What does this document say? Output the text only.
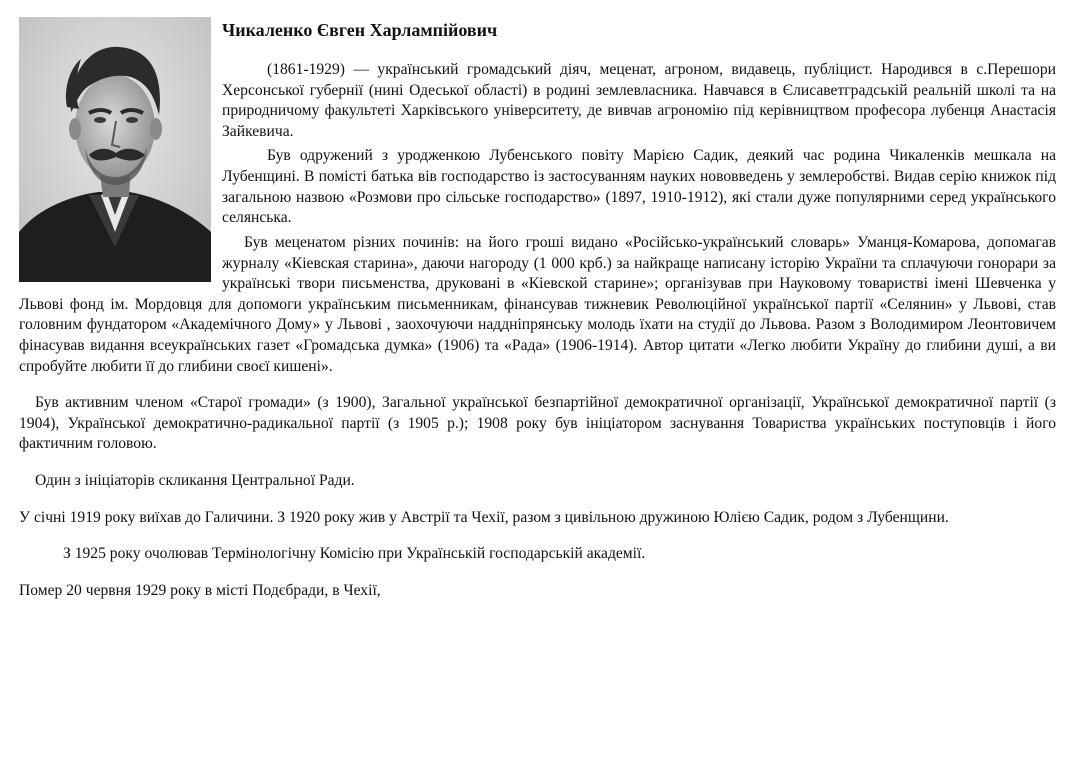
Чикаленко Євген Харлампійович

(1861-1929) — український громадський діяч, меценат, агроном, видавець, публіцист. Народився в с.Перешори Херсонської губернії (нині Одеської області) в родині землевласника. Навчався в Єлисаветградській реальній школі та на природничому факультеті Харківського університету, де вивчав агрономію під керівництвом професора лубенця Анастасія Зайкевича.

Був одружений з уродженкою Лубенського повіту Марією Садик, деякий час родина Чикаленків мешкала на Лубенщині. В помісті батька вів господарство із застосуванням науких нововведень у землеробстві. Видав серію книжок під загальною назвою «Розмови про сільське господарство» (1897, 1910-1912), які стали дуже популярними серед українського селянська.

Був меценатом різних починів: на його гроші видано «Російсько-український словарь» Уманця-Комарова, допомагав журналу «Кіевская старина», даючи нагороду (1 000 крб.) за найкраще написану історію України та сплачуючи гонорари за українські твори письменства, друковані в «Кіевской старине»; організував при Науковому товаристві імені Шевченка у Львові фонд ім. Мордовця для допомоги українським письменникам, фінансував тижневик Революційної української партії «Селянин» у Львові, став головним фундатором «Академічного Дому» у Львові , заохочуючи наддніпрянську молодь їхати на студії до Львова. Разом з Володимиром Леонтовичем фінасував видання всеукраїнських газет «Громадська думка» (1906) та «Рада» (1906-1914). Автор цитати «Легко любити Україну до глибини душі, а ви спробуйте любити її до глибини своєї кишені».

Був активним членом «Старої громади» (з 1900), Загальної української безпартійної демократичної організації, Української демократичної партії (з 1904), Української демократично-радикальної партії (з 1905 р.); 1908 року був ініціатором заснування Товариства українських поступовців і його фактичним головою.

Один з ініціаторів скликання Центральної Ради.

У січні 1919 року виїхав до Галичини. З 1920 року жив у Австрії та Чехії, разом з цивільною дружиною Юлією Садик, родом з Лубенщини.

З 1925 року очолював Термінологічну Комісію при Українській господарській академії.

Помер 20 червня 1929 року в місті Подєбради, в Чехії,
